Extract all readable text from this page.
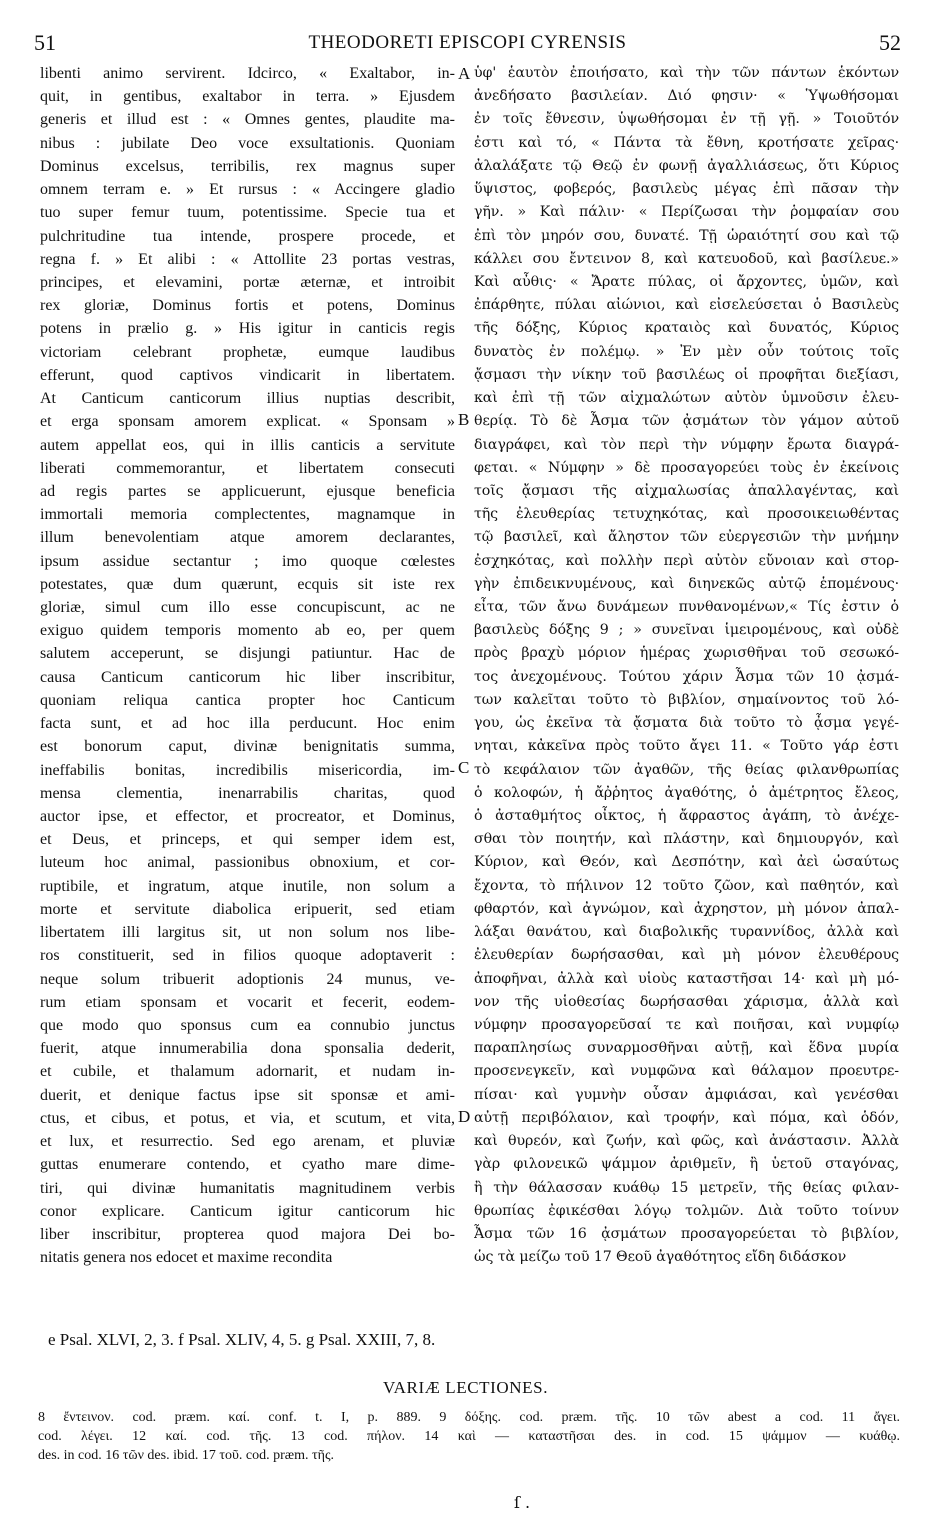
51	THEODORETI EPISCOPI CYRENSIS	52
libenti animo servirent. Idcirco, « Exaltabor, in-
quit, in gentibus, exaltabor in terra. » Ejusdem
generis et illud est : « Omnes gentes, plaudite ma-
nibus : jubilate Deo voce exsultationis. Quoniam
Dominus excelsus, terribilis, rex magnus super
omnem terram e. » Et rursus : « Accingere gladio
tuo super femur tuum, potentissime. Specie tua et
pulchritudine tua intende, prospere procede, et
regna f. » Et alibi : « Attollite 23 portas vestras,
principes, et elevamini, portæ æternæ, et introibit
rex gloriæ, Dominus fortis et potens, Dominus
potens in prælio g. » His igitur in canticis regis
victoriam celebrant prophetæ, eumque laudibus
efferunt, quod captivos vindicarit in libertatem.
At Canticum canticorum illius nuptias describit,
et erga sponsam amorem explicat. « Sponsam »
autem appellat eos, qui in illis canticis a servitute
liberati commemorantur, et libertatem consecuti
ad regis partes se applicuerunt, ejusque beneficia
immortali memoria complectentes, magnamque in
illum benevolentiam atque amorem declarantes,
ipsum assidue sectantur ; imo quoque cœlestes
potestates, quæ dum quærunt, ecquis sit iste rex
gloriæ, simul cum illo esse concupiscunt, ac ne
exiguo quidem temporis momento ab eo, per quem
salutem acceperunt, se disjungi patiuntur. Hac de
causa Canticum canticorum hic liber inscribitur,
quoniam reliqua cantica propter hoc Canticum
facta sunt, et ad hoc illa perducunt. Hoc enim
est bonorum caput, divinæ benignitatis summa,
ineffabilis bonitas, incredibilis misericordia, im-
mensa clementia, inenarrabilis charitas, quod
auctor ipse, et effector, et procreator, et Dominus,
et Deus, et princeps, et qui semper idem est,
luteum hoc animal, passionibus obnoxium, et cor-
ruptibile, et ingratum, atque inutile, non solum a
morte et servitute diabolica eripuerit, sed etiam
libertatem illi largitus sit, ut non solum nos libe-
ros constituerit, sed in filios quoque adoptaverit :
neque solum tribuerit adoptionis 24 munus, ve-
rum etiam sponsam et vocarit et fecerit, eodem-
que modo quo sponsus cum ea connubio junctus
fuerit, atque innumerabilia dona sponsalia dederit,
et cubile, et thalamum adornarit, et nudam in-
duerit, et denique factus ipse sit sponsæ et ami-
ctus, et cibus, et potus, et via, et scutum, et vita,
et lux, et resurrectio. Sed ego arenam, et pluviæ
guttas enumerare contendo, et cyatho mare dime-
tiri, qui divinæ humanitatis magnitudinem verbis
conor explicare. Canticum igitur canticorum hic
liber inscribitur, propterea quod majora Dei bo-
nitatis genera nos edocet et maxime recondita
ὑφ' ἑαυτὸν ἐποιήσατο, καὶ τὴν τῶν πάντων ἑκόντων
ἀνεδήσατο βασιλείαν. Διό φησιν· « Ὑψωθήσομαι
ἐν τοῖς ἔθνεσιν, ὑψωθήσομαι ἐν τῇ γῇ. » Τοιοῦτόν
ἐστι καὶ τό, « Πάντα τὰ ἔθνη, κροτήσατε χεῖρας·
ἀλαλάξατε τῷ Θεῷ ἐν φωνῇ ἀγαλλιάσεως, ὅτι Κύριος
ὕψιστος, φοβερός, βασιλεὺς μέγας ἐπὶ πᾶσαν τὴν
γῆν. » Καὶ πάλιν· « Περίζωσαι τὴν ῥομφαίαν σου
ἐπὶ τὸν μηρόν σου, δυνατέ. Τῇ ὡραιότητί σου καὶ τῷ
κάλλει σου ἔντεινον 8, καὶ κατευοδοῦ, καὶ βασίλευε.»
Καὶ αὖθις· « Ἄρατε πύλας, οἱ ἄρχοντες, ὑμῶν, καὶ
ἐπάρθητε, πύλαι αἰώνιοι, καὶ εἰσελεύσεται ὁ Βασιλεὺς
τῆς δόξης, Κύριος κραταιὸς καὶ δυνατός, Κύριος
δυνατὸς ἐν πολέμῳ. » Ἐν μὲν οὖν τούτοις τοῖς
ᾄσμασι τὴν νίκην τοῦ βασιλέως οἱ προφῆται διεξίασι,
καὶ ἐπὶ τῇ τῶν αἰχμαλώτων αὐτὸν ὑμνοῦσιν ἐλευ-
θερίᾳ. Τὸ δὲ Ἆσμα τῶν ᾀσμάτων τὸν γάμον αὐτοῦ
διαγράφει, καὶ τὸν περὶ τὴν νύμφην ἔρωτα διαγρά-
φεται. « Νύμφην » δὲ προσαγορεύει τοὺς ἐν ἐκείνοις
τοῖς ᾄσμασι τῆς αἰχμαλωσίας ἀπαλλαγέντας, καὶ
τῆς ἐλευθερίας τετυχηκότας, καὶ προσοικειωθέντας
τῷ βασιλεῖ, καὶ ἄληστον τῶν εὐεργεσιῶν τὴν μνήμην
ἐσχηκότας, καὶ πολλὴν περὶ αὐτὸν εὔνοιαν καὶ στορ-
γὴν ἐπιδεικνυμένους, καὶ διηνεκῶς αὐτῷ ἑπομένους·
εἶτα, τῶν ἄνω δυνάμεων πυνθανομένων,« Τίς ἐστιν ὁ
βασιλεὺς δόξης 9 ; » συνεῖναι ἱμειρομένους, καὶ οὐδὲ
πρὸς βραχὺ μόριον ἡμέρας χωρισθῆναι τοῦ σεσωκό-
τος ἀνεχομένους. Τούτου χάριν Ἆσμα τῶν 10 ᾀσμά-
των καλεῖται τοῦτο τὸ βιβλίον, σημαίνοντος τοῦ λό-
γου, ὡς ἐκεῖνα τὰ ᾄσματα διὰ τοῦτο τὸ ᾆσμα γεγέ-
νηται, κἀκεῖνα πρὸς τοῦτο ἄγει 11. « Τοῦτο γάρ ἐστι
τὸ κεφάλαιον τῶν ἀγαθῶν, τῆς θείας φιλανθρωπίας
ὁ κολοφών, ἡ ἄῤῥητος ἀγαθότης, ὁ ἀμέτρητος ἔλεος,
ὁ ἀσταθμήτος οἶκτος, ἡ ἄφραστος ἀγάπη, τὸ ἀνέχε-
σθαι τὸν ποιητήν, καὶ πλάστην, καὶ δημιουργόν, καὶ
Κύριον, καὶ Θεόν, καὶ Δεσπότην, καὶ ἀεὶ ὡσαύτως
ἔχοντα, τὸ πήλινον 12 τοῦτο ζῶον, καὶ παθητόν, καὶ
φθαρτόν, καὶ ἀγνώμον, καὶ ἀχρηστον, μὴ μόνον ἀπαλ-
λάξαι θανάτου, καὶ διαβολικῆς τυραννίδος, ἀλλὰ καὶ
ἐλευθερίαν δωρήσασθαι, καὶ μὴ μόνον ἐλευθέρους
ἀποφῆναι, ἀλλὰ καὶ υἱοὺς καταστῆσαι 14· καὶ μὴ μό-
νον τῆς υἱοθεσίας δωρήσασθαι χάρισμα, ἀλλὰ καὶ
νύμφην προσαγορεῦσαί τε καὶ ποιῆσαι, καὶ νυμφίῳ
παραπλησίως συναρμοσθῆναι αὐτῇ, καὶ ἕδνα μυρία
προσενεγκεῖν, καὶ νυμφῶνα καὶ θάλαμον προευτρε-
πίσαι· καὶ γυμνὴν οὖσαν ἀμφιάσαι, καὶ γενέσθαι
αὐτῇ περιβόλαιον, καὶ τροφήν, καὶ πόμα, καὶ ὁδόν,
καὶ θυρεόν, καὶ ζωήν, καὶ φῶς, καὶ ἀνάστασιν. Ἀλλὰ
γὰρ φιλονεικῶ ψάμμον ἀριθμεῖν, ἢ ὑετοῦ σταγόνας,
ἢ τὴν θάλασσαν κυάθῳ 15 μετρεῖν, τῆς θείας φιλαν-
θρωπίας ἐφικέσθαι λόγῳ τολμῶν. Διὰ τοῦτο τοίνυν
Ἆσμα τῶν 16 ᾀσμάτων προσαγορεύεται τὸ βιβλίον,
ὡς τὰ μείζω τοῦ 17 Θεοῦ ἀγαθότητος εἴδη διδάσκον
A
B
C
D
e Psal. XLVI, 2, 3. f Psal. XLIV, 4, 5. g Psal. XXIII, 7, 8.
VARIÆ LECTIONES.
8 ἔντεινον. cod. præm. καί. conf. t. I, p. 889. 9 δόξης. cod. præm. τῆς. 10 τῶν abest a cod. 11 ἄγει.
cod. λέγει. 12 καί. cod. τῆς. 13 cod. πήλον. 14 καὶ — καταστῆσαι des. in cod. 15 ψάμμον — κυάθῳ.
des. in cod. 16 τῶν des. ibid. 17 τοῦ. cod. præm. τῆς.
ſ .
